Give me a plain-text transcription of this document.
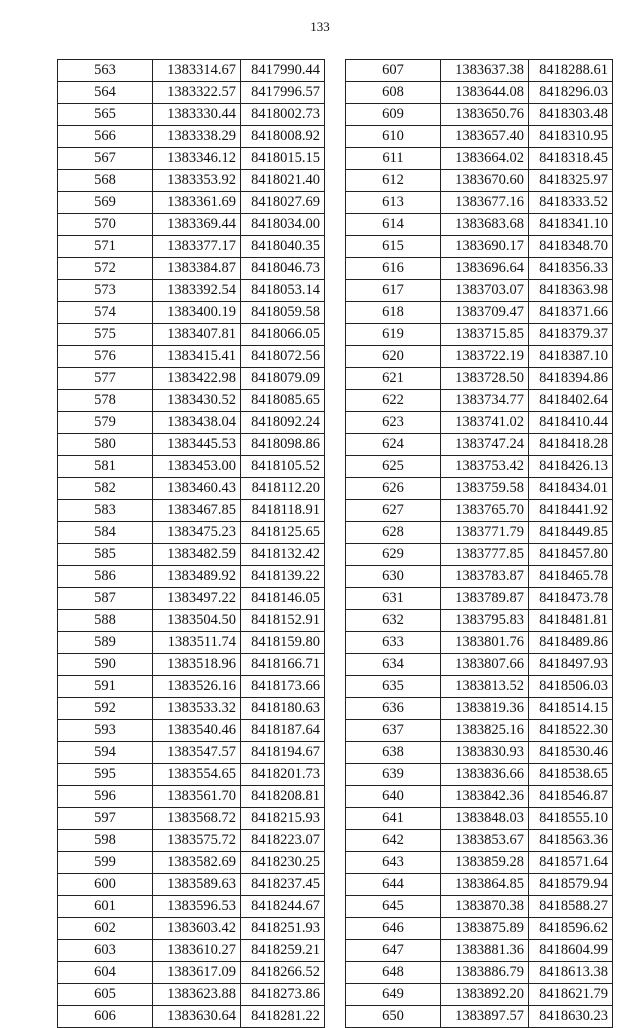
133
563	1383314.67	8417990.44
564	1383322.57	8417996.57
565	1383330.44	8418002.73
566	1383338.29	8418008.92
567	1383346.12	8418015.15
568	1383353.92	8418021.40
569	1383361.69	8418027.69
570	1383369.44	8418034.00
571	1383377.17	8418040.35
572	1383384.87	8418046.73
573	1383392.54	8418053.14
574	1383400.19	8418059.58
575	1383407.81	8418066.05
576	1383415.41	8418072.56
577	1383422.98	8418079.09
578	1383430.52	8418085.65
579	1383438.04	8418092.24
580	1383445.53	8418098.86
581	1383453.00	8418105.52
582	1383460.43	8418112.20
583	1383467.85	8418118.91
584	1383475.23	8418125.65
585	1383482.59	8418132.42
586	1383489.92	8418139.22
587	1383497.22	8418146.05
588	1383504.50	8418152.91
589	1383511.74	8418159.80
590	1383518.96	8418166.71
591	1383526.16	8418173.66
592	1383533.32	8418180.63
593	1383540.46	8418187.64
594	1383547.57	8418194.67
595	1383554.65	8418201.73
596	1383561.70	8418208.81
597	1383568.72	8418215.93
598	1383575.72	8418223.07
599	1383582.69	8418230.25
600	1383589.63	8418237.45
601	1383596.53	8418244.67
602	1383603.42	8418251.93
603	1383610.27	8418259.21
604	1383617.09	8418266.52
605	1383623.88	8418273.86
606	1383630.64	8418281.22
607	1383637.38	8418288.61
608	1383644.08	8418296.03
609	1383650.76	8418303.48
610	1383657.40	8418310.95
611	1383664.02	8418318.45
612	1383670.60	8418325.97
613	1383677.16	8418333.52
614	1383683.68	8418341.10
615	1383690.17	8418348.70
616	1383696.64	8418356.33
617	1383703.07	8418363.98
618	1383709.47	8418371.66
619	1383715.85	8418379.37
620	1383722.19	8418387.10
621	1383728.50	8418394.86
622	1383734.77	8418402.64
623	1383741.02	8418410.44
624	1383747.24	8418418.28
625	1383753.42	8418426.13
626	1383759.58	8418434.01
627	1383765.70	8418441.92
628	1383771.79	8418449.85
629	1383777.85	8418457.80
630	1383783.87	8418465.78
631	1383789.87	8418473.78
632	1383795.83	8418481.81
633	1383801.76	8418489.86
634	1383807.66	8418497.93
635	1383813.52	8418506.03
636	1383819.36	8418514.15
637	1383825.16	8418522.30
638	1383830.93	8418530.46
639	1383836.66	8418538.65
640	1383842.36	8418546.87
641	1383848.03	8418555.10
642	1383853.67	8418563.36
643	1383859.28	8418571.64
644	1383864.85	8418579.94
645	1383870.38	8418588.27
646	1383875.89	8418596.62
647	1383881.36	8418604.99
648	1383886.79	8418613.38
649	1383892.20	8418621.79
650	1383897.57	8418630.23
